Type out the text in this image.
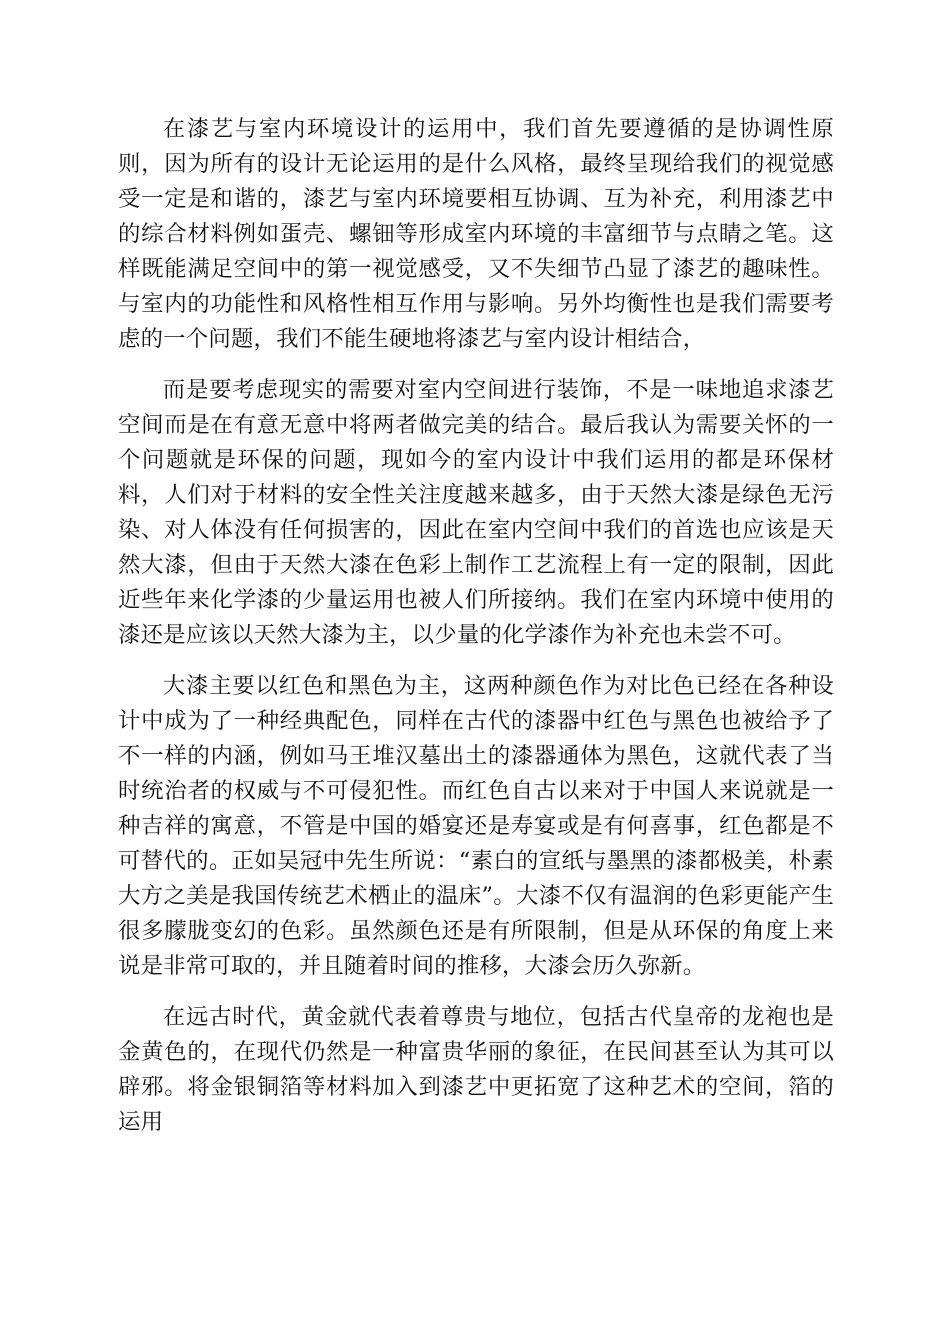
在漆艺与室内环境设计的运用中，我们首先要遵循的是协调性原则，因为所有的设计无论运用的是什么风格，最终呈现给我们的视觉感受一定是和谐的，漆艺与室内环境要相互协调、互为补充，利用漆艺中的综合材料例如蛋壳、螺钿等形成室内环境的丰富细节与点睛之笔。这样既能满足空间中的第一视觉感受，又不失细节凸显了漆艺的趣味性。与室内的功能性和风格性相互作用与影响。另外均衡性也是我们需要考虑的一个问题，我们不能生硬地将漆艺与室内设计相结合，

而是要考虑现实的需要对室内空间进行装饰，不是一味地追求漆艺空间而是在有意无意中将两者做完美的结合。最后我认为需要关怀的一个问题就是环保的问题，现如今的室内设计中我们运用的都是环保材料，人们对于材料的安全性关注度越来越多，由于天然大漆是绿色无污染、对人体没有任何损害的，因此在室内空间中我们的首选也应该是天然大漆，但由于天然大漆在色彩上制作工艺流程上有一定的限制，因此近些年来化学漆的少量运用也被人们所接纳。我们在室内环境中使用的漆还是应该以天然大漆为主，以少量的化学漆作为补充也未尝不可。

大漆主要以红色和黑色为主，这两种颜色作为对比色已经在各种设计中成为了一种经典配色，同样在古代的漆器中红色与黑色也被给予了不一样的内涵，例如马王堆汉墓出土的漆器通体为黑色，这就代表了当时统治者的权威与不可侵犯性。而红色自古以来对于中国人来说就是一种吉祥的寓意，不管是中国的婚宴还是寿宴或是有何喜事，红色都是不可替代的。正如吴冠中先生所说：“素白的宣纸与墨黑的漆都极美，朴素大方之美是我国传统艺术栖止的温床”。大漆不仅有温润的色彩更能产生很多朦胧变幻的色彩。虽然颜色还是有所限制，但是从环保的角度上来说是非常可取的，并且随着时间的推移，大漆会历久弥新。

在远古时代，黄金就代表着尊贵与地位，包括古代皇帝的龙袍也是金黄色的，在现代仍然是一种富贵华丽的象征，在民间甚至认为其可以辟邪。将金银铜箔等材料加入到漆艺中更拓宽了这种艺术的空间，箔的运用
